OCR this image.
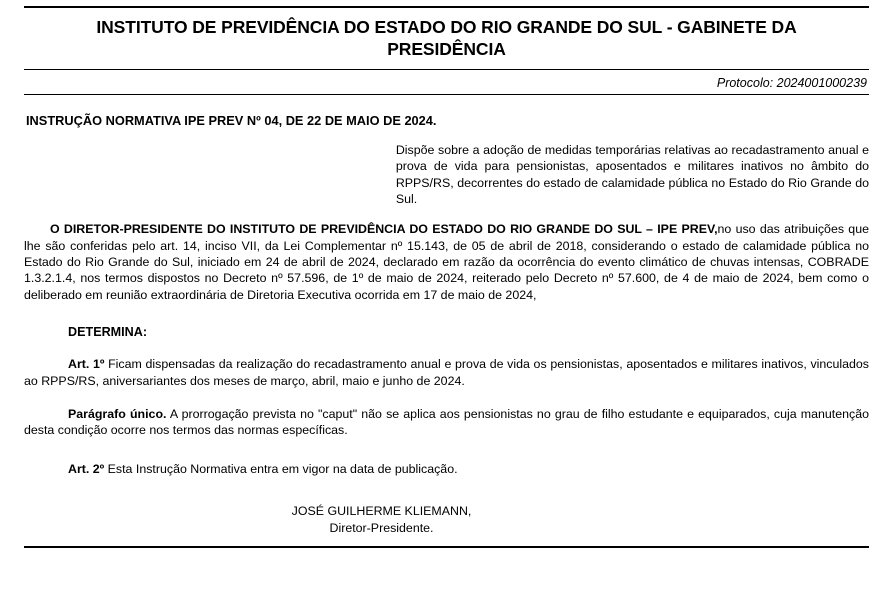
INSTITUTO DE PREVIDÊNCIA DO ESTADO DO RIO GRANDE DO SUL - GABINETE DA PRESIDÊNCIA
Protocolo: 2024001000239
INSTRUÇÃO NORMATIVA IPE PREV Nº 04, DE 22 DE MAIO DE 2024.
Dispõe sobre a adoção de medidas temporárias relativas ao recadastramento anual e prova de vida para pensionistas, aposentados e militares inativos no âmbito do RPPS/RS, decorrentes do estado de calamidade pública no Estado do Rio Grande do Sul.
O DIRETOR-PRESIDENTE DO INSTITUTO DE PREVIDÊNCIA DO ESTADO DO RIO GRANDE DO SUL – IPE PREV,no uso das atribuições que lhe são conferidas pelo art. 14, inciso VII, da Lei Complementar nº 15.143, de 05 de abril de 2018, considerando o estado de calamidade pública no Estado do Rio Grande do Sul, iniciado em 24 de abril de 2024, declarado em razão da ocorrência do evento climático de chuvas intensas, COBRADE 1.3.2.1.4, nos termos dispostos no Decreto nº 57.596, de 1º de maio de 2024, reiterado pelo Decreto nº 57.600, de 4 de maio de 2024, bem como o deliberado em reunião extraordinária de Diretoria Executiva ocorrida em 17 de maio de 2024,
DETERMINA:
Art. 1º Ficam dispensadas da realização do recadastramento anual e prova de vida os pensionistas, aposentados e militares inativos, vinculados ao RPPS/RS, aniversariantes dos meses de março, abril, maio e junho de 2024.
Parágrafo único. A prorrogação prevista no "caput" não se aplica aos pensionistas no grau de filho estudante e equiparados, cuja manutenção desta condição ocorre nos termos das normas específicas.
Art. 2º Esta Instrução Normativa entra em vigor na data de publicação.
JOSÉ GUILHERME KLIEMANN,
Diretor-Presidente.
